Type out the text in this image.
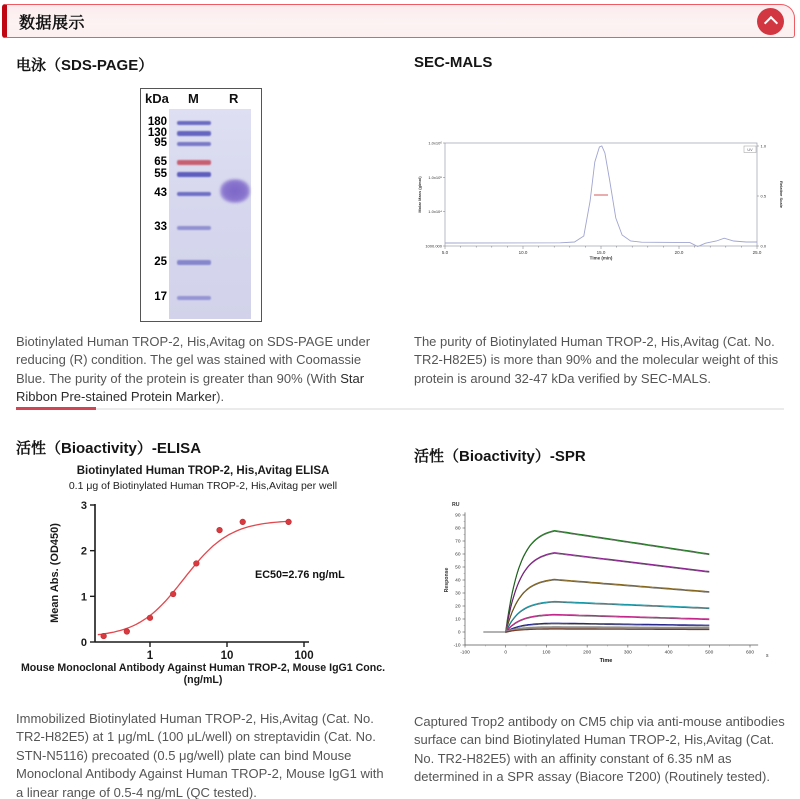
数据展示
电泳（SDS-PAGE）	SEC-MALS
kDa M R
180
130
95
65
55
43
33
25
17

Biotinylated Human TROP-2, His,Avitag on SDS-PAGE under reducing (R) condition. The gel was stained with Coomassie Blue. The purity of the protein is greater than 90% (With Star Ribbon Pre-stained Protein Marker).

5.0	10.0	15.0	20.0	25.0
Time (min)
1.0x10⁶
1.0x10⁵
1.0x10⁴
1000.000
Molar Mass (g/mol)
1.0
0.5
0.0
Relative Scale
UV

The purity of Biotinylated Human TROP-2, His,Avitag (Cat. No. TR2-H82E5) is more than 90% and the molecular weight of this protein is around 32-47 kDa verified by SEC-MALS.

活性（Bioactivity）-ELISA	活性（Bioactivity）-SPR
Biotinylated Human TROP-2, His,Avitag ELISA
0.1 μg of Biotinylated Human TROP-2, His,Avitag per well
0
1
2
3
1	10	100
EC50=2.76 ng/mL
Mean Abs. (OD450)
Mouse Monoclonal Antibody Against Human TROP-2, Mouse IgG1 Conc. (ng/mL)

Immobilized Biotinylated Human TROP-2, His,Avitag (Cat. No. TR2-H82E5) at 1 μg/mL (100 μL/well) on streptavidin (Cat. No. STN-N5116) precoated (0.5 μg/well) plate can bind Mouse Monoclonal Antibody Against Human TROP-2, Mouse IgG1 with a linear range of 0.5-4 ng/mL (QC tested).

-10
0
10
20
30
40
50
60
70
80
90
-100	0	100	200	300	400	500	600
RU
Response
Time
s

Captured Trop2 antibody on CM5 chip via anti-mouse antibodies surface can bind Biotinylated Human TROP-2, His,Avitag (Cat. No. TR2-H82E5) with an affinity constant of 6.35 nM as determined in a SPR assay (Biacore T200) (Routinely tested).
